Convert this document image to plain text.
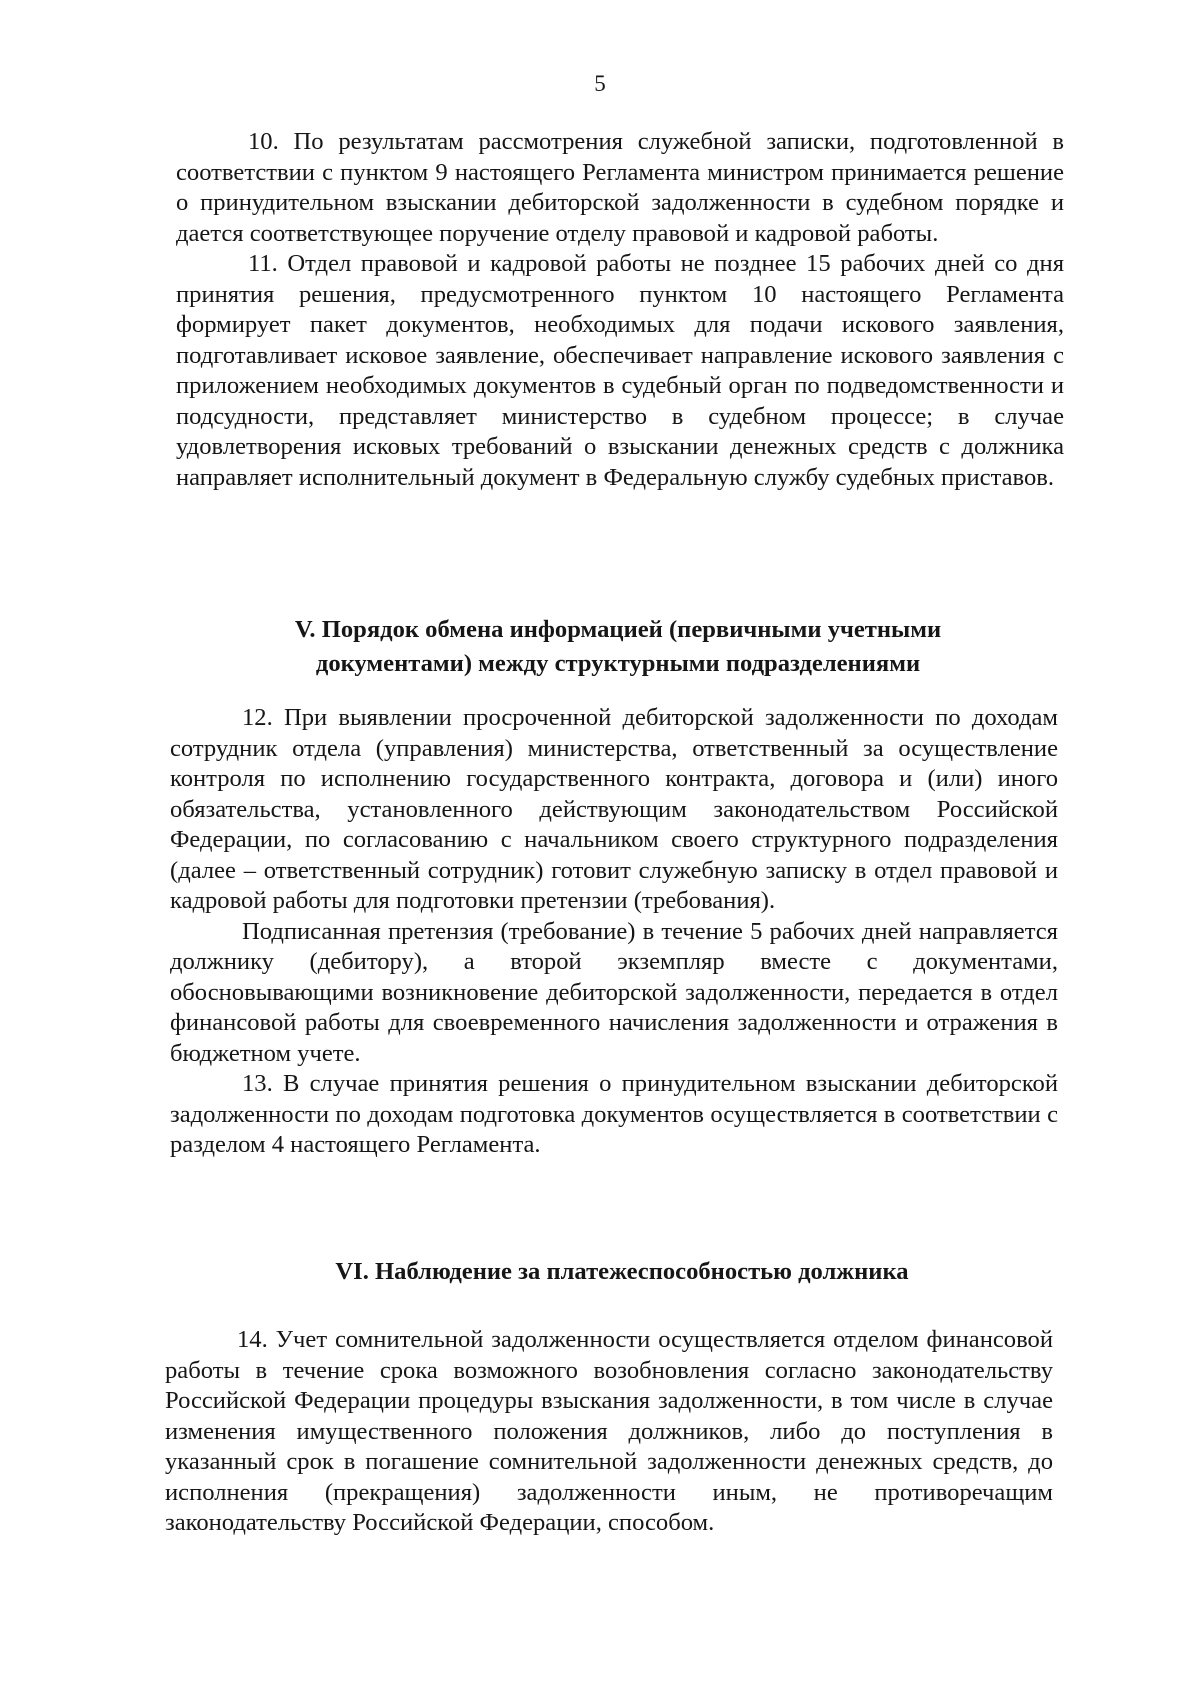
5

10. По результатам рассмотрения служебной записки, подготовленной в соответствии с пунктом 9 настоящего Регламента министром принимается решение о принудительном взыскании дебиторской задолженности в судебном порядке и дается соответствующее поручение отделу правовой и кадровой работы.

11. Отдел правовой и кадровой работы не позднее 15 рабочих дней со дня принятия решения, предусмотренного пунктом 10 настоящего Регламента формирует пакет документов, необходимых для подачи искового заявления, подготавливает исковое заявление, обеспечивает направление искового заявления с приложением необходимых документов в судебный орган по подведомственности и подсудности, представляет министерство в судебном процессе; в случае удовлетворения исковых требований о взыскании денежных средств с должника направляет исполнительный документ в Федеральную службу судебных приставов.

V. Порядок обмена информацией (первичными учетными
документами) между структурными подразделениями

12. При выявлении просроченной дебиторской задолженности по доходам сотрудник отдела (управления) министерства, ответственный за осуществление контроля по исполнению государственного контракта, договора и (или) иного обязательства, установленного действующим законодательством Российской Федерации, по согласованию с начальником своего структурного подразделения (далее – ответственный сотрудник) готовит служебную записку в отдел правовой и кадровой работы для подготовки претензии (требования).

Подписанная претензия (требование) в течение 5 рабочих дней направляется должнику (дебитору), а второй экземпляр вместе с документами, обосновывающими возникновение дебиторской задолженности, передается в отдел финансовой работы для своевременного начисления задолженности и отражения в бюджетном учете.

13. В случае принятия решения о принудительном взыскании дебиторской задолженности по доходам подготовка документов осуществляется в соответствии с разделом 4 настоящего Регламента.

VI. Наблюдение за платежеспособностью должника

14. Учет сомнительной задолженности осуществляется отделом финансовой работы в течение срока возможного возобновления согласно законодательству Российской Федерации процедуры взыскания задолженности, в том числе в случае изменения имущественного положения должников, либо до поступления в указанный срок в погашение сомнительной задолженности денежных средств, до исполнения (прекращения) задолженности иным, не противоречащим законодательству Российской Федерации, способом.
